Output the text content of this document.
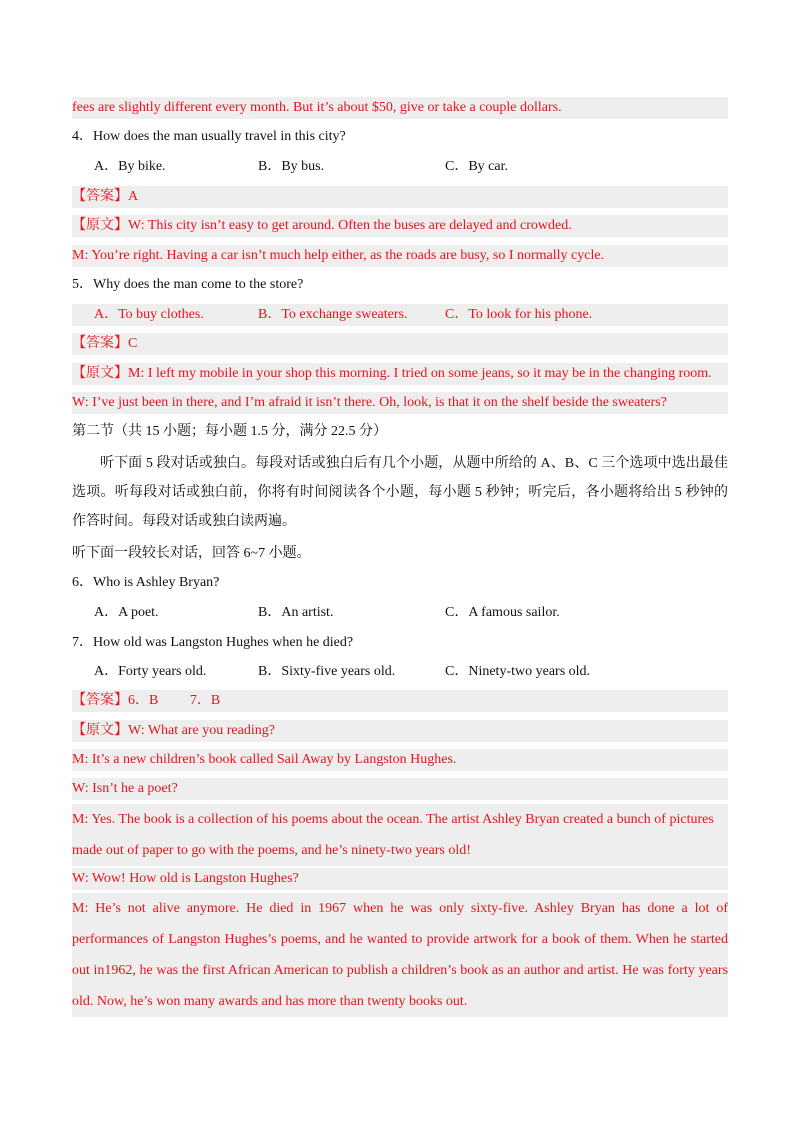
fees are slightly different every month. But it’s about $50, give or take a couple dollars.
4．How does the man usually travel in this city?
A．By bike.	B．By bus.	C．By car.
【答案】A
【原文】W: This city isn’t easy to get around. Often the buses are delayed and crowded.
M: You’re right. Having a car isn’t much help either, as the roads are busy, so I normally cycle.
5．Why does the man come to the store?
A．To buy clothes.	B．To exchange sweaters.	C．To look for his phone.
【答案】C
【原文】M: I left my mobile in your shop this morning. I tried on some jeans, so it may be in the changing room.
W: I’ve just been in there, and I’m afraid it isn’t there. Oh, look, is that it on the shelf beside the sweaters?
第二节（共 15 小题；每小题 1.5 分，满分 22.5 分）
听下面 5 段对话或独白。每段对话或独白后有几个小题，从题中所给的 A、B、C 三个选项中选出最佳选项。听每段对话或独白前，你将有时间阅读各个小题，每小题 5 秒钟；听完后，各小题将给出 5 秒钟的作答时间。每段对话或独白读两遍。
听下面一段较长对话，回答 6~7 小题。
6．Who is Ashley Bryan?
A．A poet.	B．An artist.	C．A famous sailor.
7．How old was Langston Hughes when he died?
A．Forty years old.	B．Sixty-five years old.	C．Ninety-two years old.
【答案】6．B　　 7．B
【原文】W: What are you reading?
M: It’s a new children’s book called Sail Away by Langston Hughes.
W: Isn’t he a poet?
M: Yes. The book is a collection of his poems about the ocean. The artist Ashley Bryan created a bunch of pictures made out of paper to go with the poems, and he’s ninety-two years old!
W: Wow! How old is Langston Hughes?
M: He’s not alive anymore. He died in 1967 when he was only sixty-five. Ashley Bryan has done a lot of performances of Langston Hughes’s poems, and he wanted to provide artwork for a book of them. When he started out in1962, he was the first African American to publish a children’s book as an author and artist. He was forty years old. Now, he’s won many awards and has more than twenty books out.
